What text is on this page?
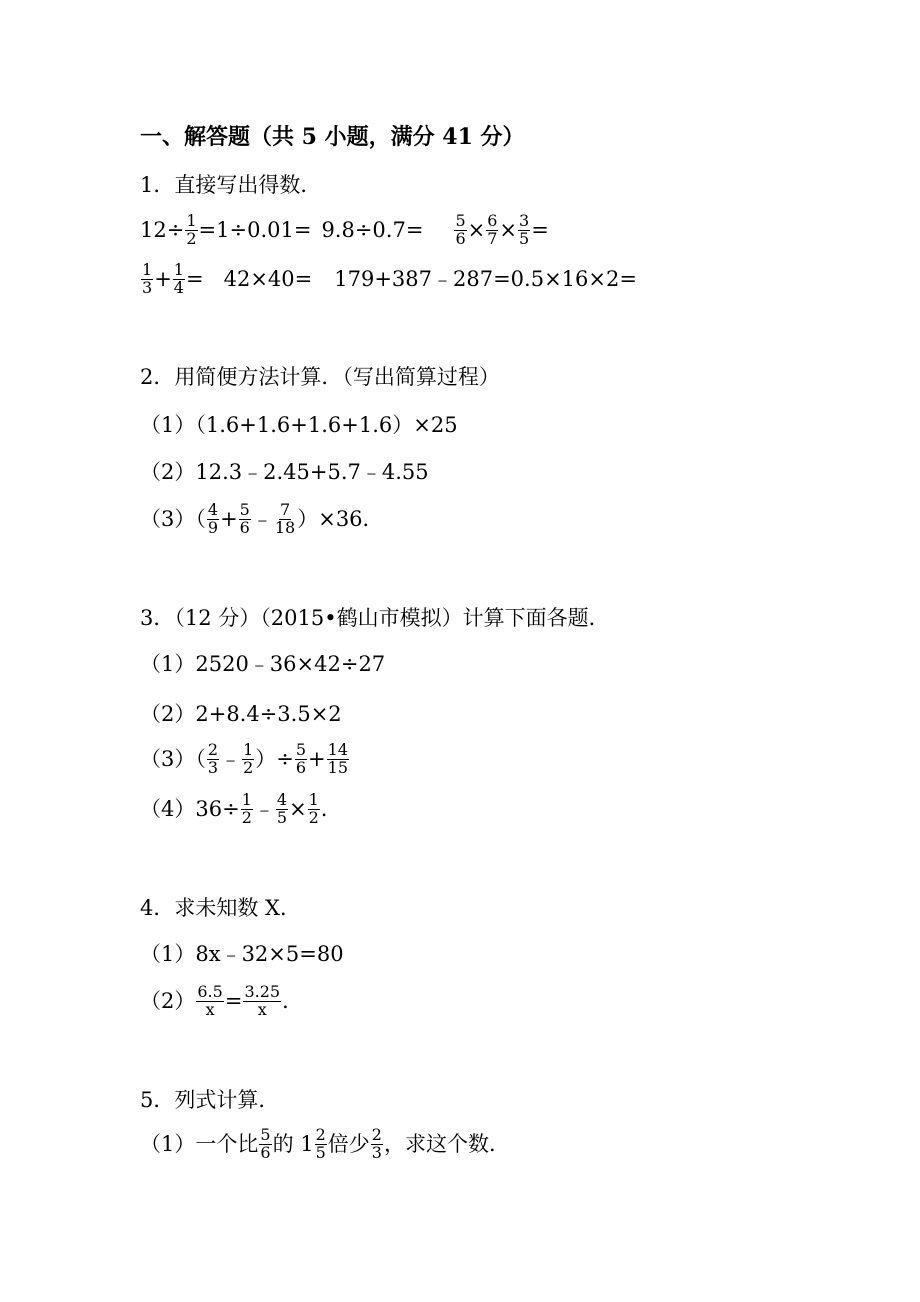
一、解答题（共 5 小题，满分 41 分）
1．直接写出得数．
$12\div \frac{1}{2} = 1\div 0.01= 9.8\div 0.7= \frac{5}{6} \times \frac{6}{7} \times \frac{3}{5}$ =
$\frac{1}{3} + \frac{1}{4} = 42\times 40=$ 179+387﹣287=0.5×16×2=
2．用简便方法计算．（写出简算过程）
（1）（1.6+1.6+1.6+1.6）×25
（2）12.3﹣2.45+5.7﹣4.55
$(3)( \frac{4}{9} + \frac{5}{6}$ ﹣ $\frac{7}{18} )\times 36$．
3．（12 分）（2015•鹤山市模拟）计算下面各题．
（1）2520﹣36×42÷27
（2）2+8.4÷3.5×2
$(3)( \frac{2}{3}$ ﹣ $\frac{1}{2}$ ）÷ $\frac{5}{6} + \frac{14}{15}$
$(4)36\div \frac{1}{2}$ ﹣ $\frac{4}{5} \times \frac{1}{2}$ ．
4．求未知数 X．
（1）8x﹣32×5=80
$(2) \frac{6.5}{x} = \frac{3.25}{x}$ ．
5．列式计算．
（1）一个比 $\frac{5}{6}$ 的 $1 \frac{2}{5}$ 倍少 $\frac{2}{3}$ ，求这个数．
